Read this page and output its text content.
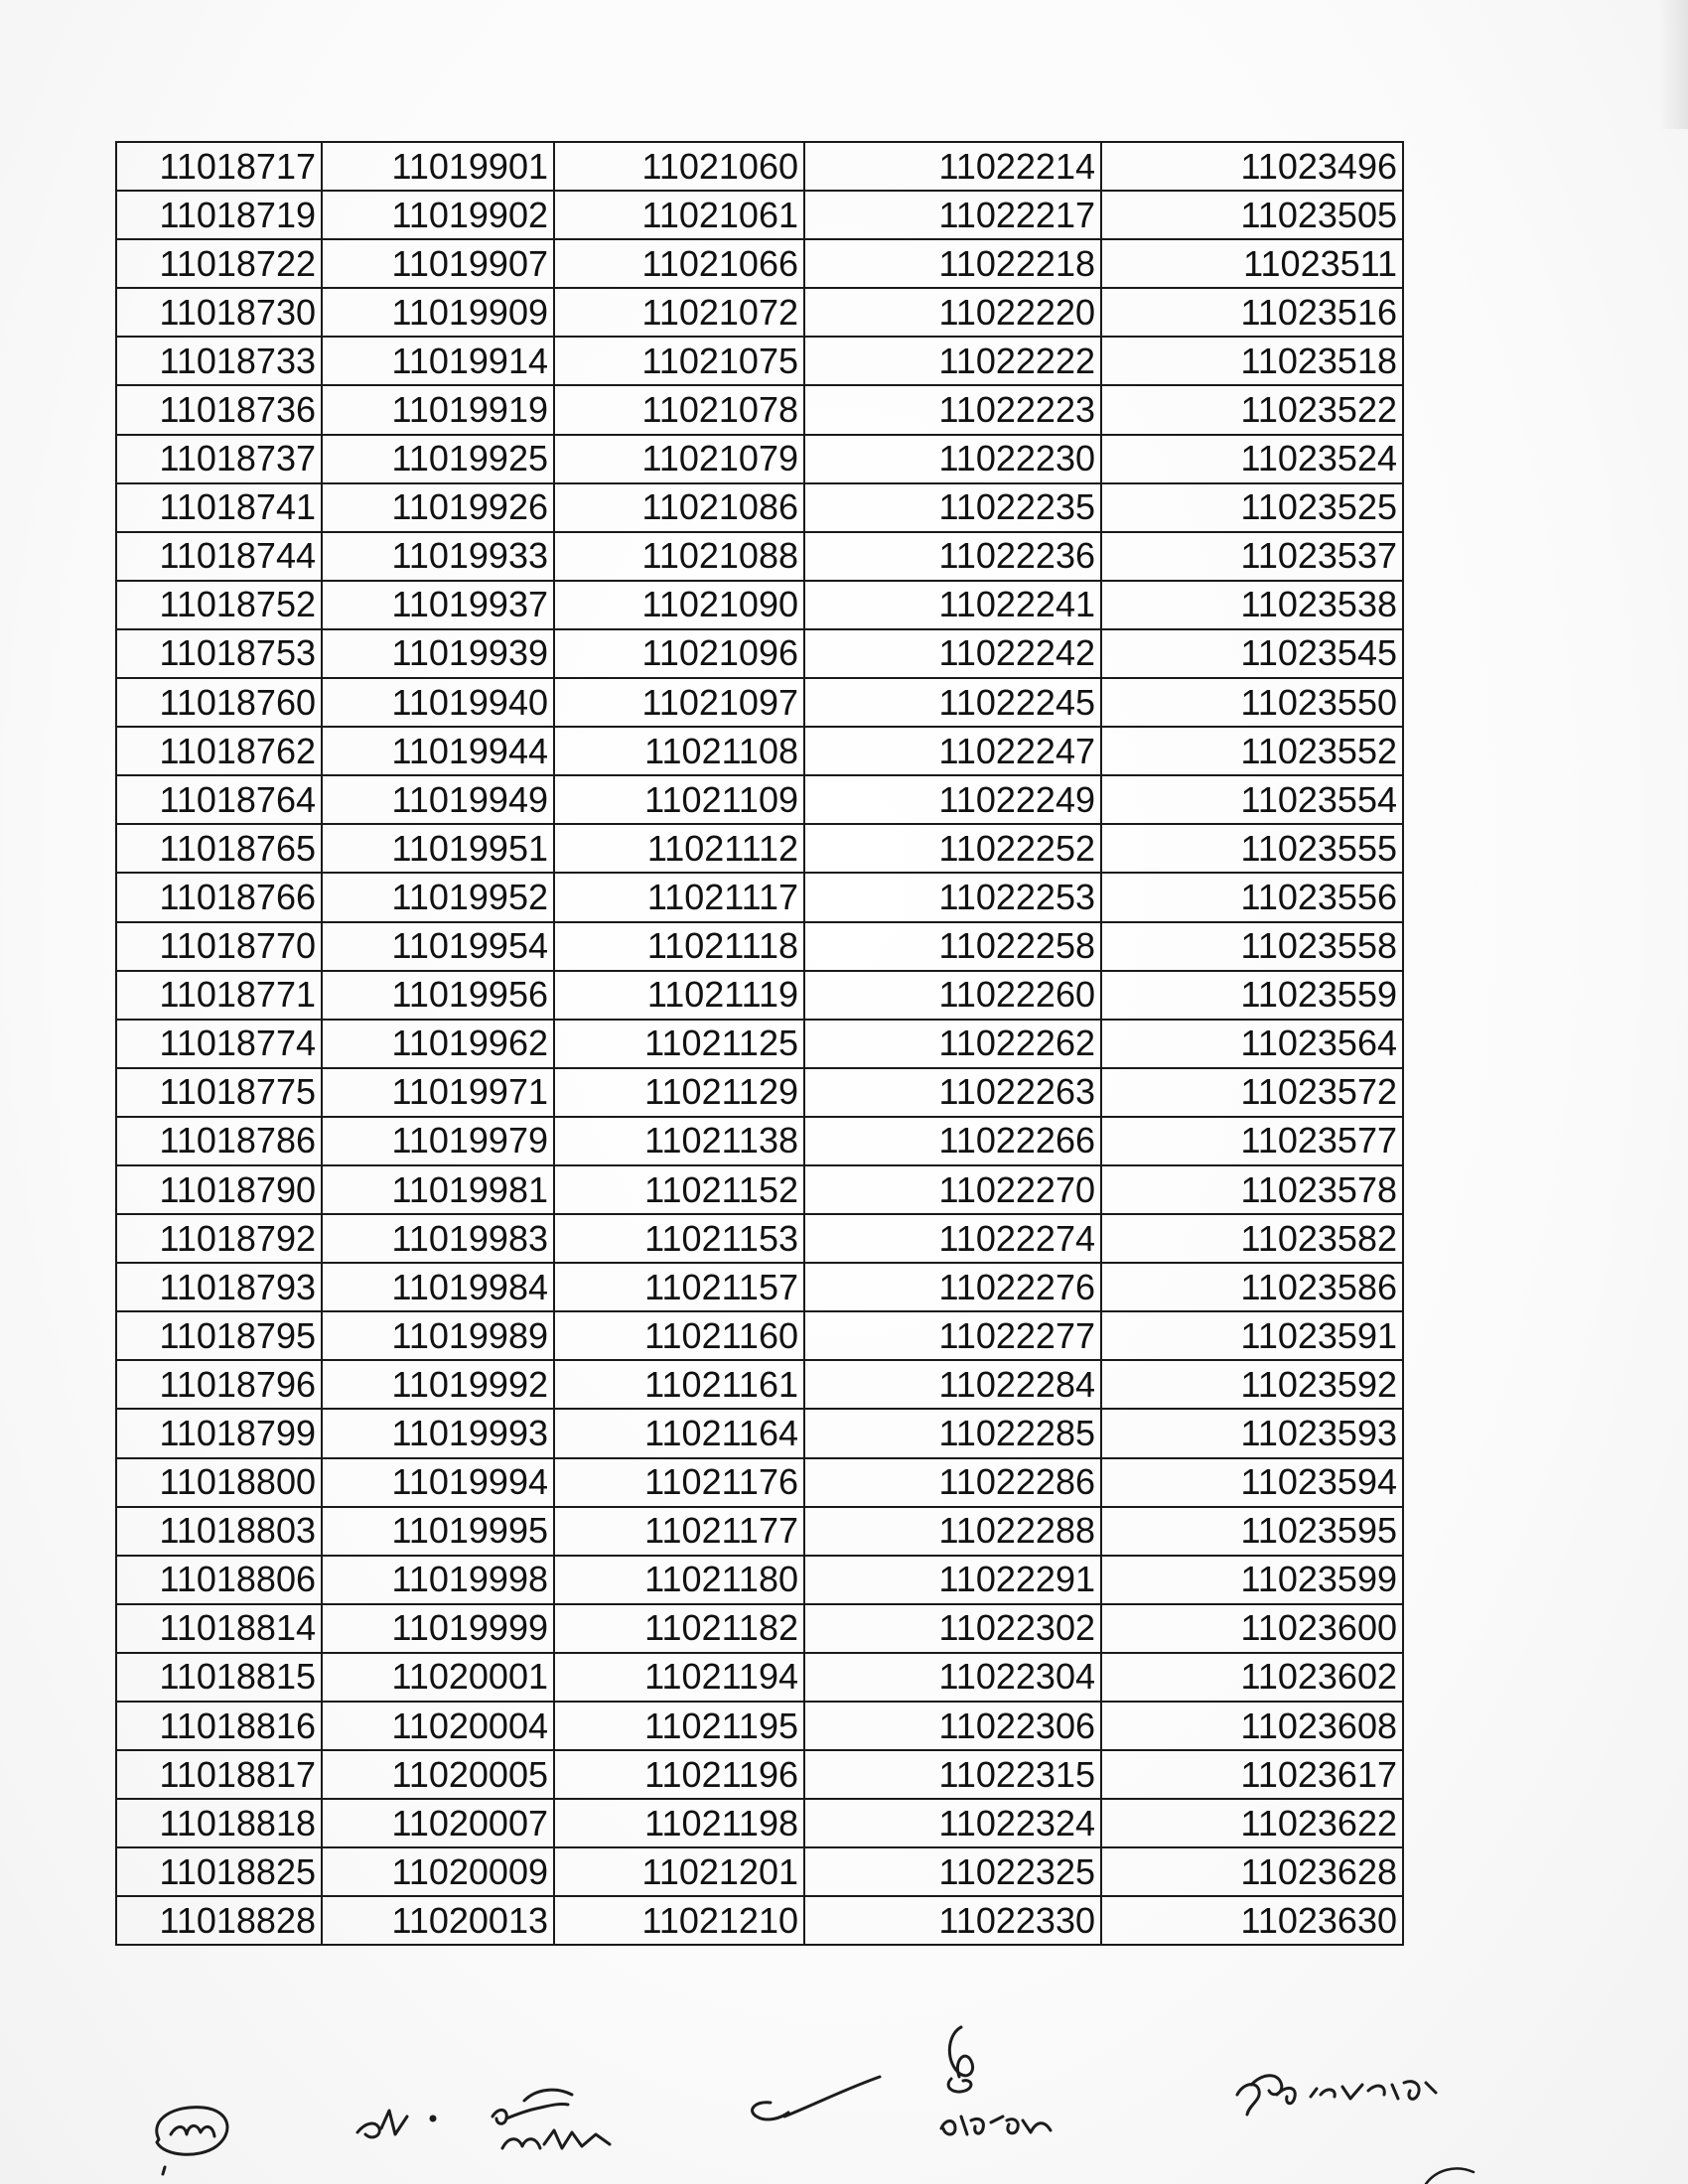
11018717	11019901	11021060	11022214	11023496
11018719	11019902	11021061	11022217	11023505
11018722	11019907	11021066	11022218	11023511
11018730	11019909	11021072	11022220	11023516
11018733	11019914	11021075	11022222	11023518
11018736	11019919	11021078	11022223	11023522
11018737	11019925	11021079	11022230	11023524
11018741	11019926	11021086	11022235	11023525
11018744	11019933	11021088	11022236	11023537
11018752	11019937	11021090	11022241	11023538
11018753	11019939	11021096	11022242	11023545
11018760	11019940	11021097	11022245	11023550
11018762	11019944	11021108	11022247	11023552
11018764	11019949	11021109	11022249	11023554
11018765	11019951	11021112	11022252	11023555
11018766	11019952	11021117	11022253	11023556
11018770	11019954	11021118	11022258	11023558
11018771	11019956	11021119	11022260	11023559
11018774	11019962	11021125	11022262	11023564
11018775	11019971	11021129	11022263	11023572
11018786	11019979	11021138	11022266	11023577
11018790	11019981	11021152	11022270	11023578
11018792	11019983	11021153	11022274	11023582
11018793	11019984	11021157	11022276	11023586
11018795	11019989	11021160	11022277	11023591
11018796	11019992	11021161	11022284	11023592
11018799	11019993	11021164	11022285	11023593
11018800	11019994	11021176	11022286	11023594
11018803	11019995	11021177	11022288	11023595
11018806	11019998	11021180	11022291	11023599
11018814	11019999	11021182	11022302	11023600
11018815	11020001	11021194	11022304	11023602
11018816	11020004	11021195	11022306	11023608
11018817	11020005	11021196	11022315	11023617
11018818	11020007	11021198	11022324	11023622
11018825	11020009	11021201	11022325	11023628
11018828	11020013	11021210	11022330	11023630
